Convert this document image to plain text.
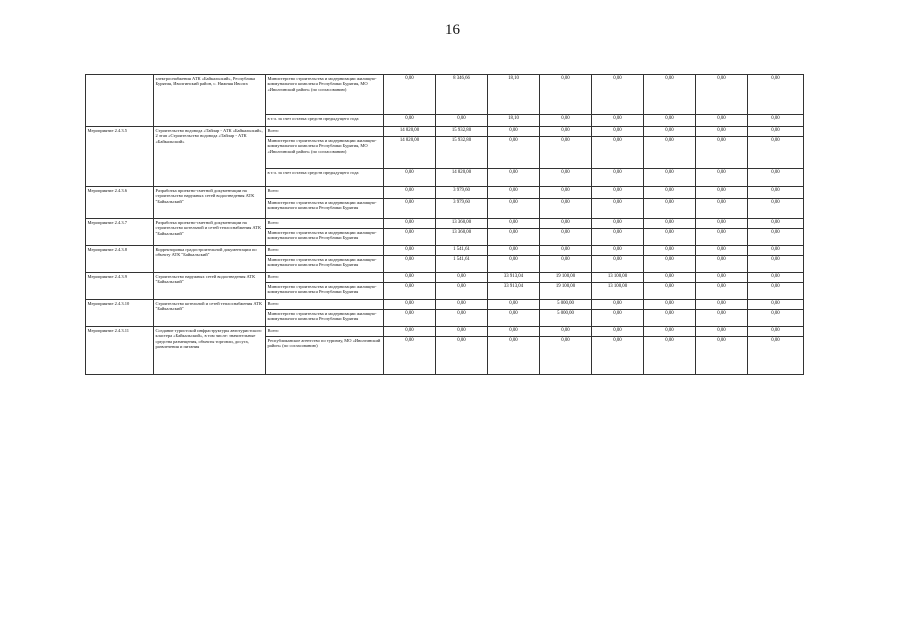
16
	электроснабжения АТК «Байкальский», Республика Бурятия, Иволгинский район, с. Нижняя Иволга	Министерство строительства и модернизации жилищно-коммунального комплекса Республики Бурятия, МО «Иволгинский район» (по согласованию)	0,00	8 346,66	18,10	0,00	0,00	0,00	0,00	0,00
		в т.ч. за счет остатка средств предыдущего года	0,00	0,00	18,10	0,00	0,00	0,00	0,00	0,00
Мероприятие 2.4.3.5	Строительство водовода «Тайлар - АТК «Байкальский», 2 этап «Строительство водовода «Тайлар - АТК «Байкальский»	Всего	14 820,00	15 932,80	0,00	0,00	0,00	0,00	0,00	0,00
		Министерство строительства и модернизации жилищно-коммунального комплекса Республики Бурятия, МО «Иволгинский район» (по согласованию)	14 820,00	15 932,80	0,00	0,00	0,00	0,00	0,00	0,00
		в т.ч. за счет остатка средств предыдущего года	0,00	14 820,00	0,00	0,00	0,00	0,00	0,00	0,00
Мероприятие 2.4.3.6	Разработка проектно-сметной документации на строительство наружных сетей водоотведения АТК "Байкальский"	Всего	0,00	3 979,60	0,00	0,00	0,00	0,00	0,00	0,00
		Министерство строительства и модернизации жилищно-коммунального комплекса Республики Бурятия	0,00	3 979,60	0,00	0,00	0,00	0,00	0,00	0,00
Мероприятие 2.4.3.7	Разработка проектно-сметной документации на строительство котельной и сетей теплоснабжения АТК "Байкальский"	Всего	0,00	13 360,00	0,00	0,00	0,00	0,00	0,00	0,00
		Министерство строительства и модернизации жилищно-коммунального комплекса Республики Бурятия	0,00	13 360,00	0,00	0,00	0,00	0,00	0,00	0,00
Мероприятие 2.4.3.8	Корректировка градостроительной документации по объекту АТК "Байкальский"	Всего	0,00	1 541,61	0,00	0,00	0,00	0,00	0,00	0,00
		Министерство строительства и модернизации жилищно-коммунального комплекса Республики Бурятия	0,00	1 541,61	0,00	0,00	0,00	0,00	0,00	0,00
Мероприятие 2.4.3.9	Строительство наружных сетей водоотведения АТК "Байкальский"	Всего	0,00	0,00	33 913,04	19 100,00	13 100,00	0,00	0,00	0,00
		Министерство строительства и модернизации жилищно-коммунального комплекса Республики Бурятия	0,00	0,00	33 913,04	19 100,00	13 100,00	0,00	0,00	0,00
Мероприятие 2.4.3.10	Строительство котельной и сетей теплоснабжения АТК "Байкальский"	Всего	0,00	0,00	0,00	5 000,00	0,00	0,00	0,00	0,00
		Министерство строительства и модернизации жилищно-коммунального комплекса Республики Бурятия	0,00	0,00	0,00	5 000,00	0,00	0,00	0,00	0,00
Мероприятие 2.4.3.11	Создание туристской инфраструктуры автотуристского кластера «Байкальский», в том числе: значительные средства размещения, объекты торговли, досуга, развлечения и питания	Всего	0,00	0,00	0,00	0,00	0,00	0,00	0,00	0,00
		Республиканское агентство по туризму, МО «Иволгинский район» (по согласованию)	0,00	0,00	0,00	0,00	0,00	0,00	0,00	0,00
